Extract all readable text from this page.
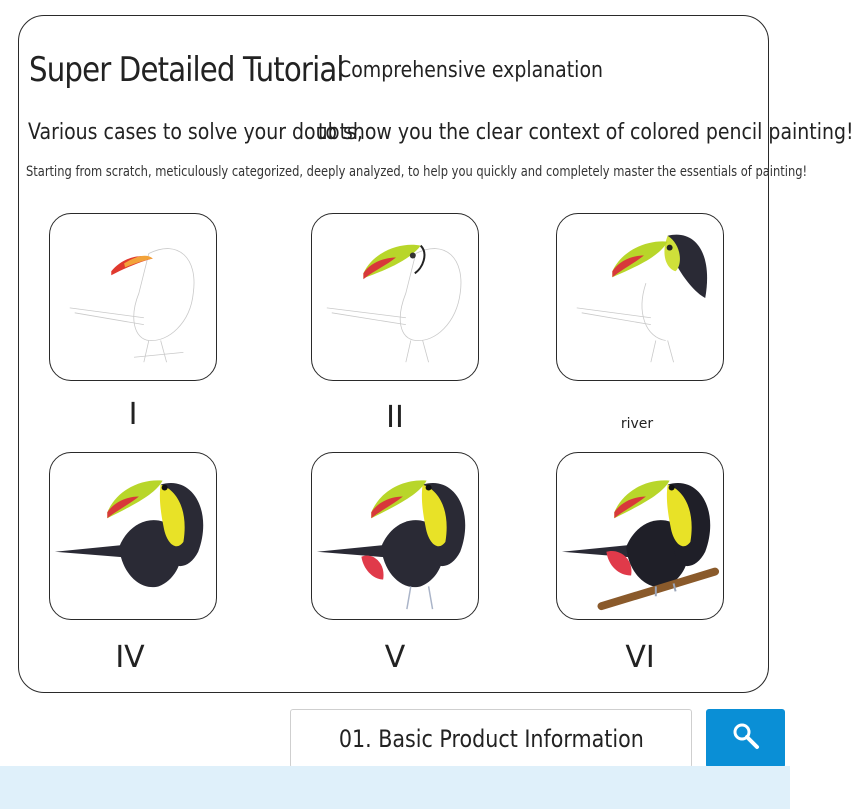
Super Detailed Tutorial
Comprehensive explanation
Various cases to solve your doubts,
to show you the clear context of colored pencil painting!
Starting from scratch, meticulously categorized, deeply analyzed, to help you quickly and completely master the essentials of painting!
I	II	river
IV	V	VI
01. Basic Product Information
